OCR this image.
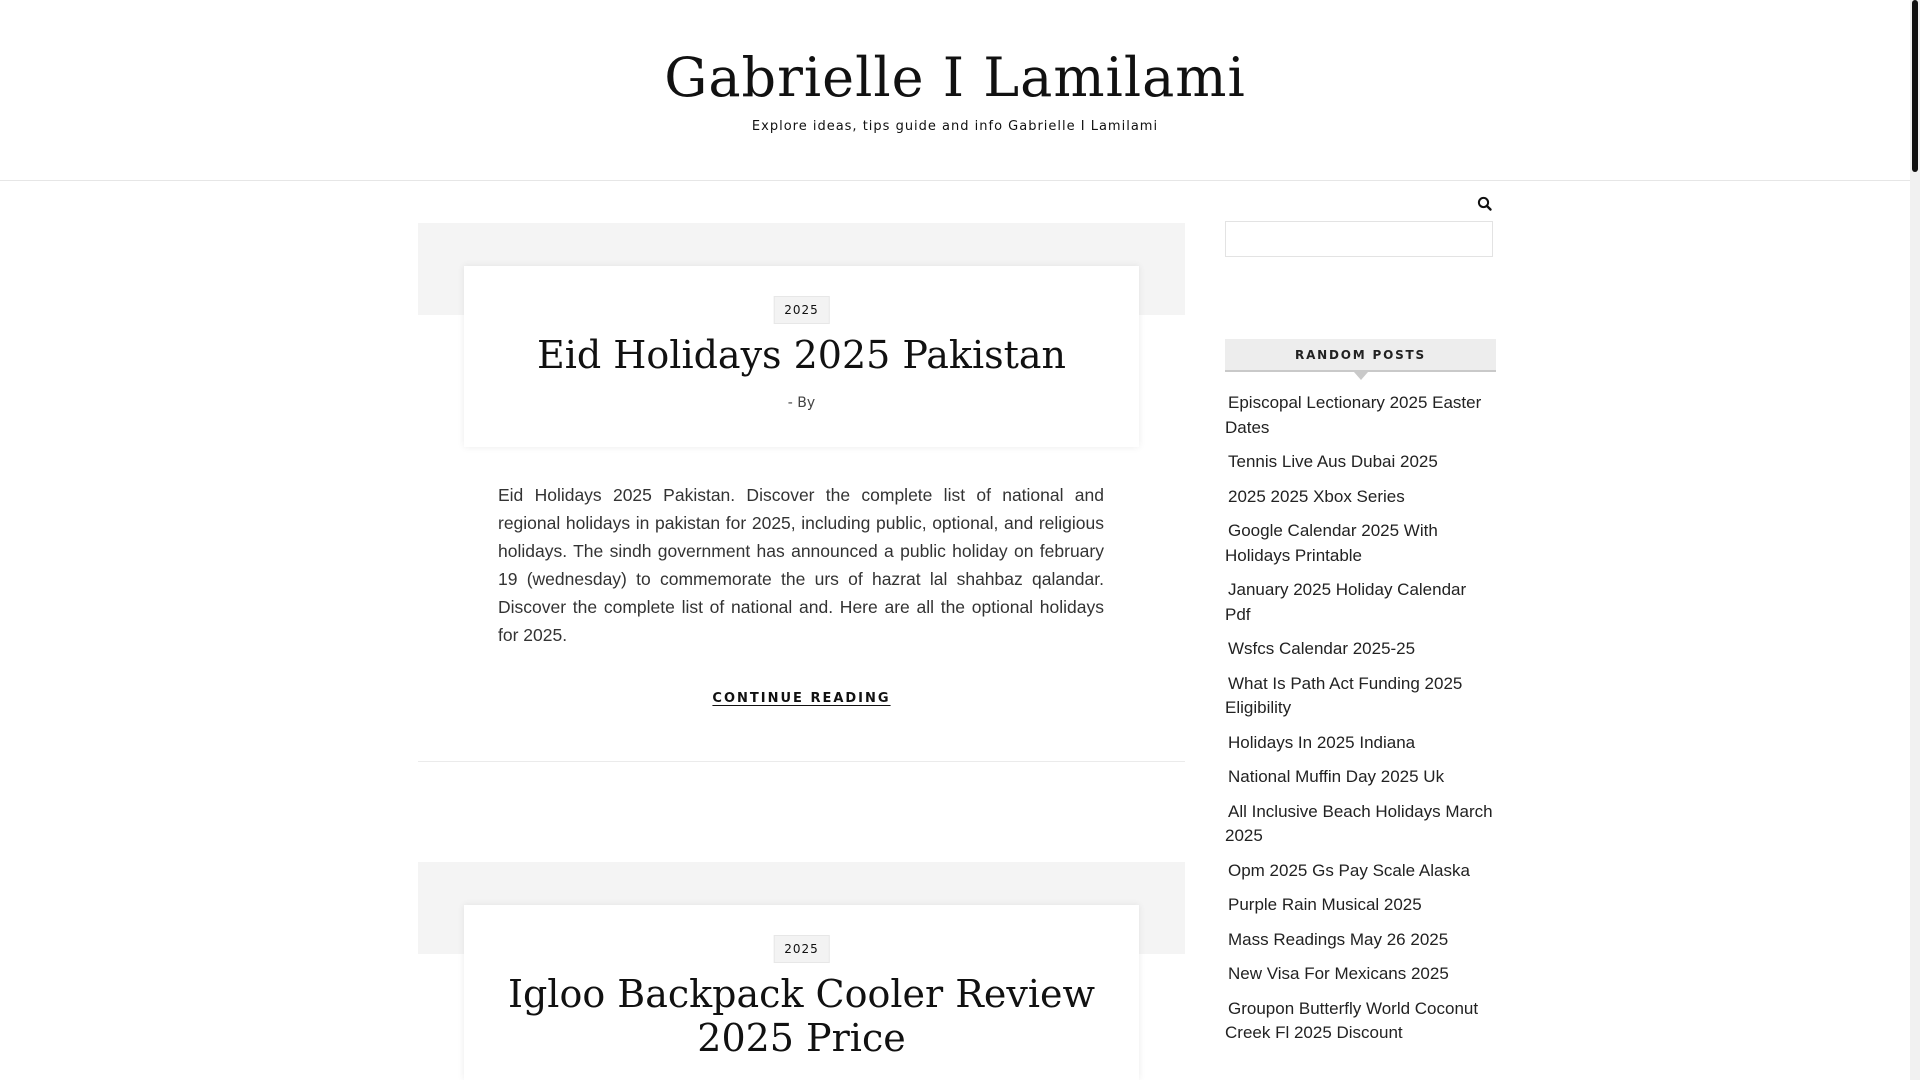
Gabrielle I Lamilami
Explore ideas, tips guide and info Gabrielle I Lamilami
2025
Eid Holidays 2025 Pakistan
- By

Eid Holidays 2025 Pakistan. Discover the complete list of national and regional holidays in pakistan for 2025, including public, optional, and religious holidays. The sindh government has announced a public holiday on february 19 (wednesday) to commemorate the urs of hazrat lal shahbaz qalandar. Discover the complete list of national and. Here are all the optional holidays for 2025.

CONTINUE READING
2025
Igloo Backpack Cooler Review 2025 Price
RANDOM POSTS
Episcopal Lectionary 2025 Easter Dates
Tennis Live Aus Dubai 2025
2025 2025 Xbox Series
Google Calendar 2025 With Holidays Printable
January 2025 Holiday Calendar Pdf
Wsfcs Calendar 2025-25
What Is Path Act Funding 2025 Eligibility
Holidays In 2025 Indiana
National Muffin Day 2025 Uk
All Inclusive Beach Holidays March 2025
Opm 2025 Gs Pay Scale Alaska
Purple Rain Musical 2025
Mass Readings May 26 2025
New Visa For Mexicans 2025
Groupon Butterfly World Coconut Creek Fl 2025 Discount
